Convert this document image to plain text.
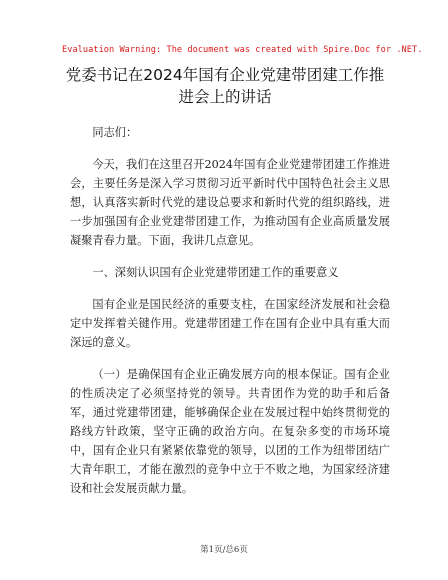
Evaluation Warning: The document was created with Spire.Doc for .NET.
党委书记在2024年国有企业党建带团建工作推进会上的讲话

同志们：

今天，我们在这里召开2024年国有企业党建带团建工作推进会，主要任务是深入学习贯彻习近平新时代中国特色社会主义思想，认真落实新时代党的建设总要求和新时代党的组织路线，进一步加强国有企业党建带团建工作，为推动国有企业高质量发展凝聚青春力量。下面，我讲几点意见。

一、深刻认识国有企业党建带团建工作的重要意义

国有企业是国民经济的重要支柱，在国家经济发展和社会稳定中发挥着关键作用。党建带团建工作在国有企业中具有重大而深远的意义。

（一）是确保国有企业正确发展方向的根本保证。国有企业的性质决定了必须坚持党的领导。共青团作为党的助手和后备军，通过党建带团建，能够确保企业在发展过程中始终贯彻党的路线方针政策，坚守正确的政治方向。在复杂多变的市场环境中，国有企业只有紧紧依靠党的领导，以团的工作为纽带团结广大青年职工，才能在激烈的竞争中立于不败之地，为国家经济建设和社会发展贡献力量。

第1页/总6页
